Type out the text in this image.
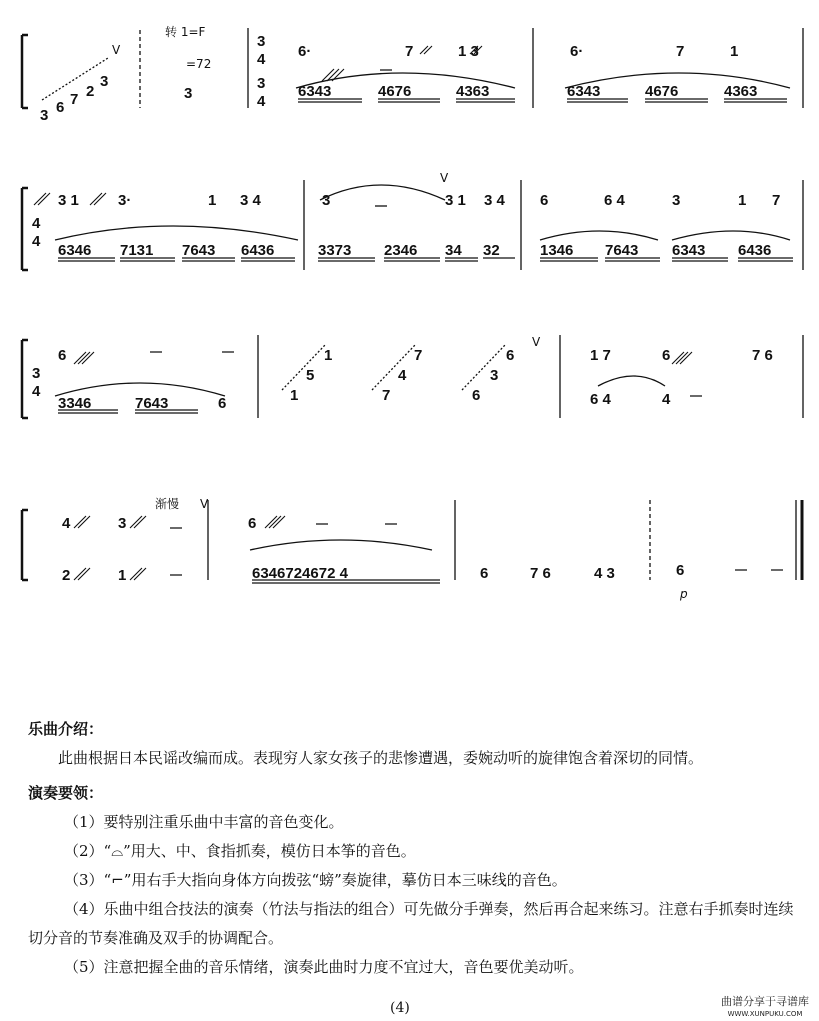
转 1=F
=72
3
3
4
3
4
6·	7	1 3	6·	7	1
6343	4676	4363	6343	4676	4363
3 6 7 2
3
V
4
4
3 1	3·	1 3 4	3	3 1 3 4
V
6	6 4	3	1 7
6346 7131 7643 6436	3373 2346 34 32	1346 7643 6343 6436
3
4
6
3346	7643	6	1
5
1
7
4
7
6
3
6
V
1 7	6	7 6
6 4	4
渐慢 V
4	3
2	1
6
6346724672 4	6	7 6	4 3	6
p

乐曲介绍：

此曲根据日本民谣改编而成。表现穷人家女孩子的悲惨遭遇，委婉动听的旋律饱含着深切的同情。

演奏要领：

（1）要特别注重乐曲中丰富的音色变化。

（2）“⌓”用大、中、食指抓奏，模仿日本筝的音色。

（3）“⌐”用右手大指向身体方向拨弦“螃”奏旋律，摹仿日本三味线的音色。

（4）乐曲中组合技法的演奏（竹法与指法的组合）可先做分手弹奏，然后再合起来练习。注意右手抓奏时连续切分音的节奏准确及双手的协调配合。

（5）注意把握全曲的音乐情绪，演奏此曲时力度不宜过大，音色要优美动听。

(4)	曲谱分享于寻谱库
WWW.XUNPUKU.COM
